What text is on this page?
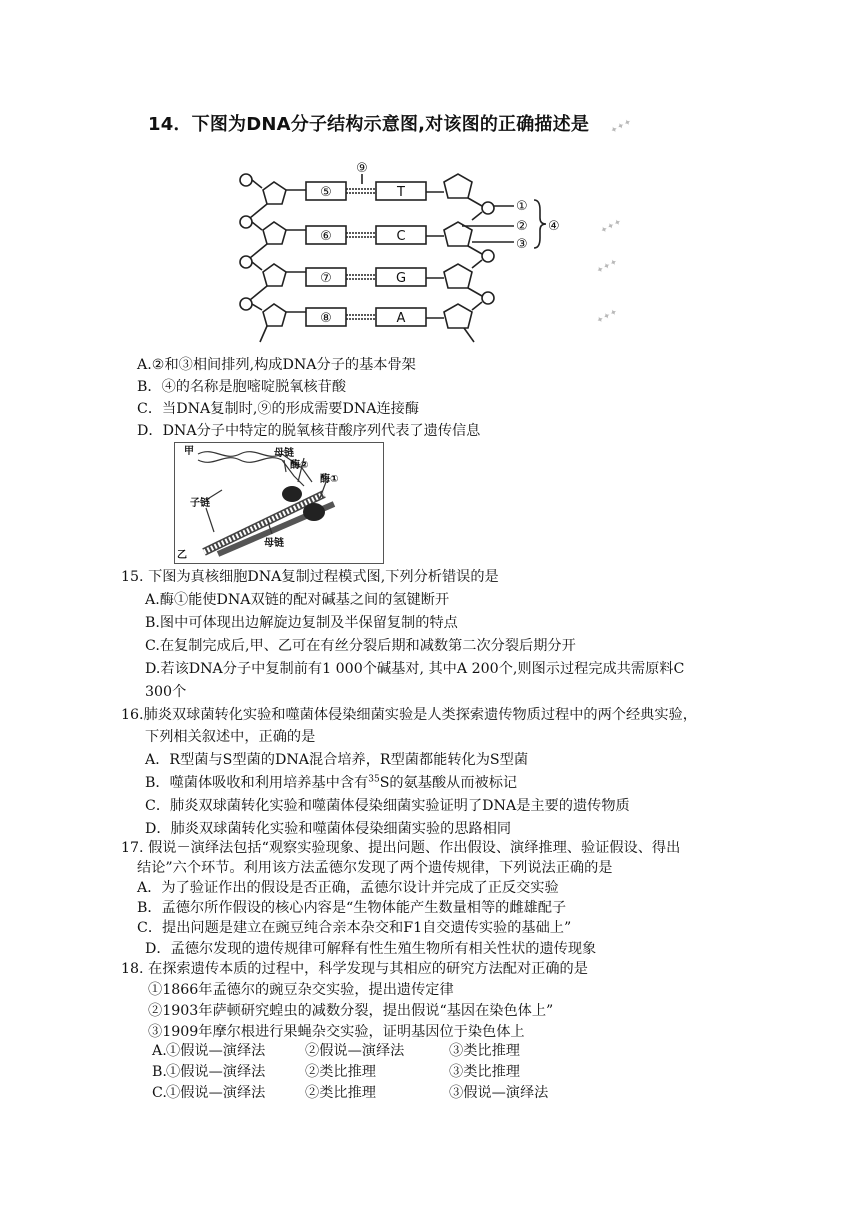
14．下图为DNA分子结构示意图,对该图的正确描述是 ✦✦✦
✦✦✦
✦✦✦
✦✦✦
⑤
⑥
⑦
⑧
T
C
G
A
⑨
①
②
③
④
A.②和③相间排列,构成DNA分子的基本骨架
B．④的名称是胞嘧啶脱氧核苷酸
C．当DNA复制时,⑨的形成需要DNA连接酶
D．DNA分子中特定的脱氧核苷酸序列代表了遗传信息
甲
乙
子链
母链
母链
酶②
酶①
15. 下图为真核细胞DNA复制过程模式图,下列分析错误的是
A.酶①能使DNA双链的配对碱基之间的氢键断开
B.图中可体现出边解旋边复制及半保留复制的特点
C.在复制完成后,甲、乙可在有丝分裂后期和减数第二次分裂后期分开
D.若该DNA分子中复制前有1 000个碱基对, 其中A 200个,则图示过程完成共需原料C
300个
16.肺炎双球菌转化实验和噬菌体侵染细菌实验是人类探索遗传物质过程中的两个经典实验，
下列相关叙述中，正确的是
A．R型菌与S型菌的DNA混合培养，R型菌都能转化为S型菌
B．噬菌体吸收和利用培养基中含有$^{35}$S的氨基酸从而被标记
C．肺炎双球菌转化实验和噬菌体侵染细菌实验证明了DNA是主要的遗传物质
D．肺炎双球菌转化实验和噬菌体侵染细菌实验的思路相同
17. 假说－演绎法包括“观察实验现象、提出问题、作出假设、演绎推理、验证假设、得出
结论”六个环节。利用该方法孟德尔发现了两个遗传规律，下列说法正确的是
A．为了验证作出的假设是否正确，孟德尔设计并完成了正反交实验
B．孟德尔所作假设的核心内容是“生物体能产生数量相等的雌雄配子
C．提出问题是建立在豌豆纯合亲本杂交和F1自交遗传实验的基础上”
D．孟德尔发现的遗传规律可解释有性生殖生物所有相关性状的遗传现象
18. 在探索遗传本质的过程中，科学发现与其相应的研究方法配对正确的是
①1866年孟德尔的豌豆杂交实验，提出遗传定律
②1903年萨顿研究蝗虫的减数分裂，提出假说“基因在染色体上”
③1909年摩尔根进行果蝇杂交实验，证明基因位于染色体上
A. ①假说—演绎法	②假说—演绎法	③类比推理
B. ①假说—演绎法	②类比推理	③类比推理
C. ①假说—演绎法	②类比推理	③假说—演绎法
